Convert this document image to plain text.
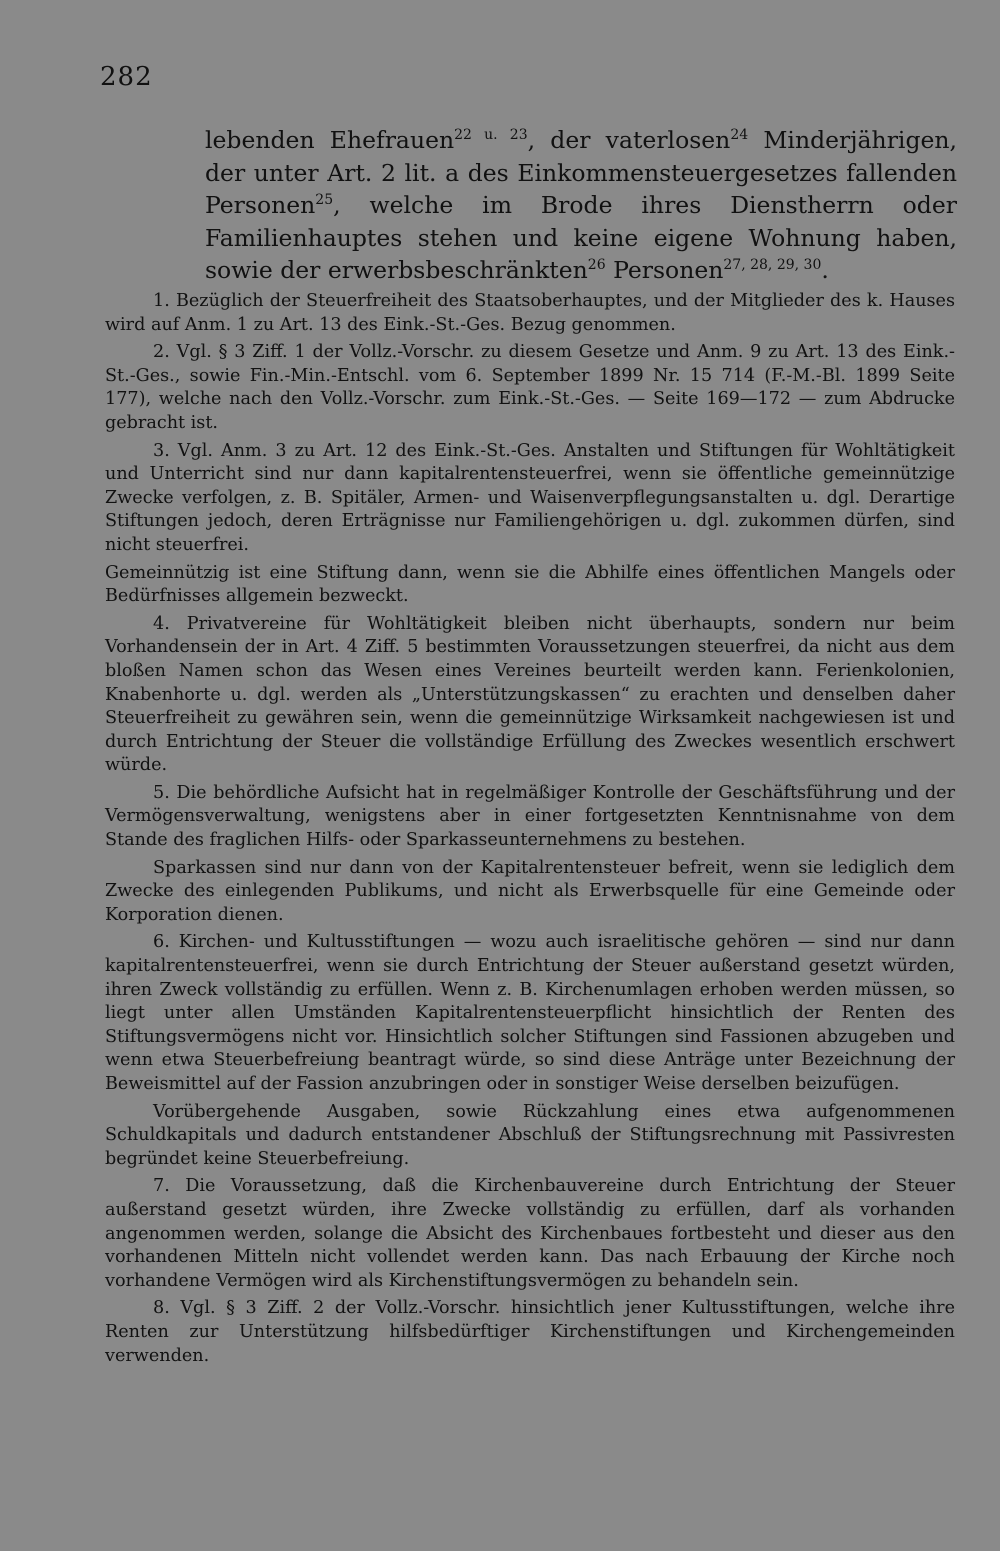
282

lebenden Ehefrauen$^{22 u. 23}$, der vaterlosen$^{24}$ Minderjährigen, der unter Art. 2 lit. a des Einkommensteuergesetzes fallenden Personen$^{25}$, welche im Brode ihres Dienstherrn oder Familienhauptes stehen und keine eigene Wohnung haben, sowie der erwerbsbeschränkten$^{26}$ Personen$^{27, 28, 29, 30}$.

1. Bezüglich der Steuerfreiheit des Staatsoberhauptes, und der Mitglieder des k. Hauses wird auf Anm. 1 zu Art. 13 des Eink.-St.-Ges. Bezug genommen.

2. Vgl. § 3 Ziff. 1 der Vollz.-Vorschr. zu diesem Gesetze und Anm. 9 zu Art. 13 des Eink.-St.-Ges., sowie Fin.-Min.-Entschl. vom 6. September 1899 Nr. 15 714 (F.-M.-Bl. 1899 Seite 177), welche nach den Vollz.-Vorschr. zum Eink.-St.-Ges. — Seite 169—172 — zum Abdrucke gebracht ist.

3. Vgl. Anm. 3 zu Art. 12 des Eink.-St.-Ges. Anstalten und Stiftungen für Wohltätigkeit und Unterricht sind nur dann kapitalrentensteuerfrei, wenn sie öffentliche gemeinnützige Zwecke verfolgen, z. B. Spitäler, Armen- und Waisenverpflegungsanstalten u. dgl. Derartige Stiftungen jedoch, deren Erträgnisse nur Familiengehörigen u. dgl. zukommen dürfen, sind nicht steuerfrei.

Gemeinnützig ist eine Stiftung dann, wenn sie die Abhilfe eines öffentlichen Mangels oder Bedürfnisses allgemein bezweckt.

4. Privatvereine für Wohltätigkeit bleiben nicht überhaupts, sondern nur beim Vorhandensein der in Art. 4 Ziff. 5 bestimmten Voraussetzungen steuerfrei, da nicht aus dem bloßen Namen schon das Wesen eines Vereines beurteilt werden kann. Ferienkolonien, Knabenhorte u. dgl. werden als „Unterstützungskassen“ zu erachten und denselben daher Steuerfreiheit zu gewähren sein, wenn die gemeinnützige Wirksamkeit nachgewiesen ist und durch Entrichtung der Steuer die vollständige Erfüllung des Zweckes wesentlich erschwert würde.

5. Die behördliche Aufsicht hat in regelmäßiger Kontrolle der Geschäftsführung und der Vermögensverwaltung, wenigstens aber in einer fortgesetzten Kenntnisnahme von dem Stande des fraglichen Hilfs- oder Sparkasseunternehmens zu bestehen.

Sparkassen sind nur dann von der Kapitalrentensteuer befreit, wenn sie lediglich dem Zwecke des einlegenden Publikums, und nicht als Erwerbsquelle für eine Gemeinde oder Korporation dienen.

6. Kirchen- und Kultusstiftungen — wozu auch israelitische gehören — sind nur dann kapitalrentensteuerfrei, wenn sie durch Entrichtung der Steuer außerstand gesetzt würden, ihren Zweck vollständig zu erfüllen. Wenn z. B. Kirchenumlagen erhoben werden müssen, so liegt unter allen Umständen Kapitalrentensteuerpflicht hinsichtlich der Renten des Stiftungsvermögens nicht vor. Hinsichtlich solcher Stiftungen sind Fassionen abzugeben und wenn etwa Steuerbefreiung beantragt würde, so sind diese Anträge unter Bezeichnung der Beweismittel auf der Fassion anzubringen oder in sonstiger Weise derselben beizufügen.

Vorübergehende Ausgaben, sowie Rückzahlung eines etwa aufgenommenen Schuldkapitals und dadurch entstandener Abschluß der Stiftungsrechnung mit Passivresten begründet keine Steuerbefreiung.

7. Die Voraussetzung, daß die Kirchenbauvereine durch Entrichtung der Steuer außerstand gesetzt würden, ihre Zwecke vollständig zu erfüllen, darf als vorhanden angenommen werden, solange die Absicht des Kirchenbaues fortbesteht und dieser aus den vorhandenen Mitteln nicht vollendet werden kann. Das nach Erbauung der Kirche noch vorhandene Vermögen wird als Kirchenstiftungsvermögen zu behandeln sein.

8. Vgl. § 3 Ziff. 2 der Vollz.-Vorschr. hinsichtlich jener Kultusstiftungen, welche ihre Renten zur Unterstützung hilfsbedürftiger Kirchenstiftungen und Kirchengemeinden verwenden.
